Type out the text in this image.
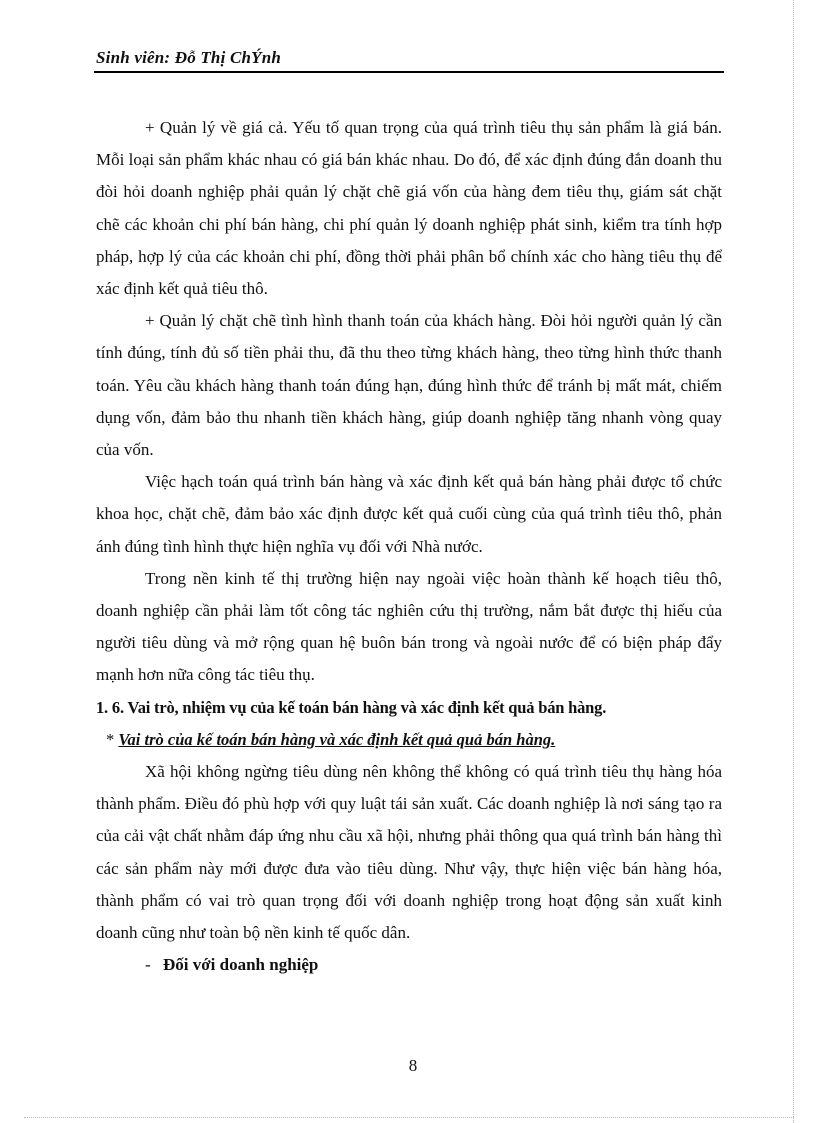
Sinh viên: Đỗ Thị ChÝnh

+ Quản lý về giá cả. Yếu tố quan trọng của quá trình tiêu thụ sản phẩm là giá bán. Mỗi loại sản phẩm khác nhau có giá bán khác nhau. Do đó, để xác định đúng đắn doanh thu đòi hỏi doanh nghiệp phải quản lý chặt chẽ giá vốn của hàng đem tiêu thụ, giám sát chặt chẽ các khoản chi phí bán hàng, chi phí quản lý doanh nghiệp phát sinh, kiểm tra tính hợp pháp, hợp lý của các khoản chi phí, đồng thời phải phân bổ chính xác cho hàng tiêu thụ để xác định kết quả tiêu thô.

+ Quản lý chặt chẽ tình hình thanh toán của khách hàng. Đòi hỏi người quản lý cần tính đúng, tính đủ số tiền phải thu, đã thu theo từng khách hàng, theo từng hình thức thanh toán. Yêu cầu khách hàng thanh toán đúng hạn, đúng hình thức để tránh bị mất mát, chiếm dụng vốn, đảm bảo thu nhanh tiền khách hàng, giúp doanh nghiệp tăng nhanh vòng quay của vốn.

Việc hạch toán quá trình bán hàng và xác định kết quả bán hàng phải được tổ chức khoa học, chặt chẽ, đảm bảo xác định được kết quả cuối cùng của quá trình tiêu thô, phản ánh đúng tình hình thực hiện nghĩa vụ đối với Nhà nước.

Trong nền kinh tế thị trường hiện nay ngoài việc hoàn thành kế hoạch tiêu thô, doanh nghiệp cần phải làm tốt công tác nghiên cứu thị trường, nắm bắt được thị hiếu của người tiêu dùng và mở rộng quan hệ buôn bán trong và ngoài nước để có biện pháp đẩy mạnh hơn nữa công tác tiêu thụ.

1. 6. Vai trò, nhiệm vụ của kế toán bán hàng và xác định kết quả bán hàng.

* Vai trò của kế toán bán hàng và xác định kết quả quả bán hàng.

Xã hội không ngừng tiêu dùng nên không thể không có quá trình tiêu thụ hàng hóa thành phẩm. Điều đó phù hợp với quy luật tái sản xuất. Các doanh nghiệp là nơi sáng tạo ra của cải vật chất nhằm đáp ứng nhu cầu xã hội, nhưng phải thông qua quá trình bán hàng thì các sản phẩm này mới được đưa vào tiêu dùng. Như vậy, thực hiện việc bán hàng hóa, thành phẩm có vai trò quan trọng đối với doanh nghiệp trong hoạt động sản xuất kinh doanh cũng như toàn bộ nền kinh tế quốc dân.

- Đối với doanh nghiệp

8
